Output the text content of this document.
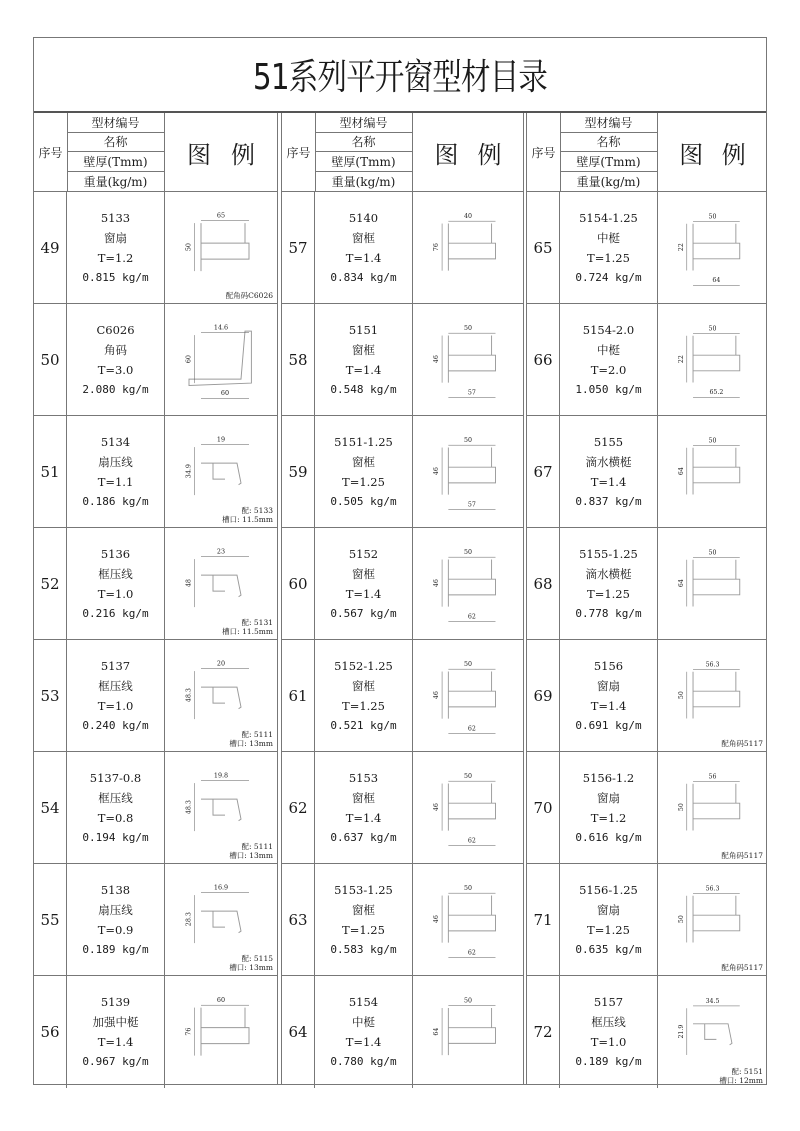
51系列平开窗型材目录
序号
型材编号
名称
壁厚(Tmm)
重量(kg/m)
图 例
49
5133
窗扇
T=1.2
0.815 kg/m
65
50
配角码C6026
50
C6026
角码
T=3.0
2.080 kg/m
14.6
60
60
51
5134
扇压线
T=1.1
0.186 kg/m
19
34.9
配: 5133
槽口: 11.5mm
52
5136
框压线
T=1.0
0.216 kg/m
23
48
配: 5131
槽口: 11.5mm
53
5137
框压线
T=1.0
0.240 kg/m
20
48.3
配: 5111
槽口: 13mm
54
5137-0.8
框压线
T=0.8
0.194 kg/m
19.8
48.3
配: 5111
槽口: 13mm
55
5138
扇压线
T=0.9
0.189 kg/m
16.9
28.3
配: 5115
槽口: 13mm
56
5139
加强中梃
T=1.4
0.967 kg/m
60
76
序号
型材编号
名称
壁厚(Tmm)
重量(kg/m)
图 例
57
5140
窗框
T=1.4
0.834 kg/m
40
76
58
5151
窗框
T=1.4
0.548 kg/m
50
46
57
59
5151-1.25
窗框
T=1.25
0.505 kg/m
50
46
57
60
5152
窗框
T=1.4
0.567 kg/m
50
46
62
61
5152-1.25
窗框
T=1.25
0.521 kg/m
50
46
62
62
5153
窗框
T=1.4
0.637 kg/m
50
46
62
63
5153-1.25
窗框
T=1.25
0.583 kg/m
50
46
62
64
5154
中梃
T=1.4
0.780 kg/m
50
64
序号
型材编号
名称
壁厚(Tmm)
重量(kg/m)
图 例
65
5154-1.25
中梃
T=1.25
0.724 kg/m
50
22
64
66
5154-2.0
中梃
T=2.0
1.050 kg/m
50
22
65.2
67
5155
滴水横梃
T=1.4
0.837 kg/m
50
64
68
5155-1.25
滴水横梃
T=1.25
0.778 kg/m
50
64
69
5156
窗扇
T=1.4
0.691 kg/m
56.3
50
配角码5117
70
5156-1.2
窗扇
T=1.2
0.616 kg/m
56
50
配角码5117
71
5156-1.25
窗扇
T=1.25
0.635 kg/m
56.3
50
配角码5117
72
5157
框压线
T=1.0
0.189 kg/m
34.5
21.9
配: 5151
槽口: 12mm
